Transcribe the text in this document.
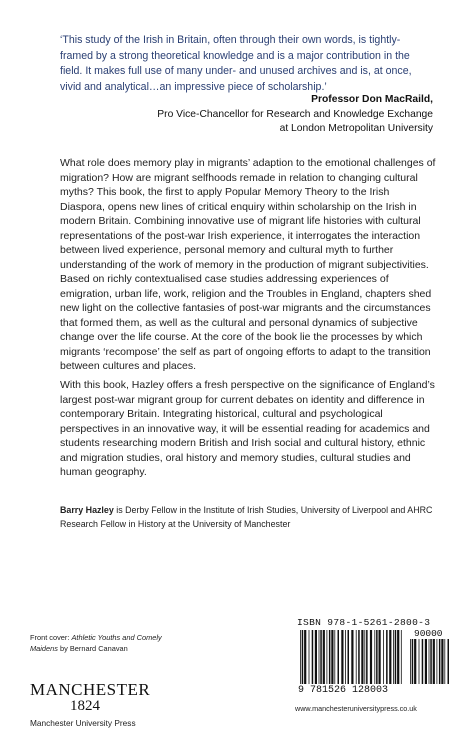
‘This study of the Irish in Britain, often through their own words, is tightly-framed by a strong theoretical knowledge and is a major contribution in the field. It makes full use of many under- and unused archives and is, at once, vivid and analytical…an impressive piece of scholarship.’
Professor Don MacRaild,
Pro Vice-Chancellor for Research and Knowledge Exchange
at London Metropolitan University
What role does memory play in migrants’ adaption to the emotional challenges of migration? How are migrant selfhoods remade in relation to changing cultural myths? This book, the first to apply Popular Memory Theory to the Irish Diaspora, opens new lines of critical enquiry within scholarship on the Irish in modern Britain. Combining innovative use of migrant life histories with cultural representations of the post-war Irish experience, it interrogates the interaction between lived experience, personal memory and cultural myth to further understanding of the work of memory in the production of migrant subjectivities. Based on richly contextualised case studies addressing experiences of emigration, urban life, work, religion and the Troubles in England, chapters shed new light on the collective fantasies of post-war migrants and the circumstances that formed them, as well as the cultural and personal dynamics of subjective change over the life course. At the core of the book lie the processes by which migrants ‘recompose’ the self as part of ongoing efforts to adapt to the transition between cultures and places.
With this book, Hazley offers a fresh perspective on the significance of England’s largest post-war migrant group for current debates on identity and difference in contemporary Britain. Integrating historical, cultural and psychological perspectives in an innovative way, it will be essential reading for academics and students researching modern British and Irish social and cultural history, ethnic and migration studies, oral history and memory studies, cultural studies and human geography.
Barry Hazley is Derby Fellow in the Institute of Irish Studies, University of Liverpool and AHRC Research Fellow in History at the University of Manchester
Front cover: Athletic Youths and Comely Maidens by Bernard Canavan
MANCHESTER
1824
Manchester University Press
ISBN 978-1-5261-2800-3
90000
9 781526 128003
www.manchesteruniversitypress.co.uk
